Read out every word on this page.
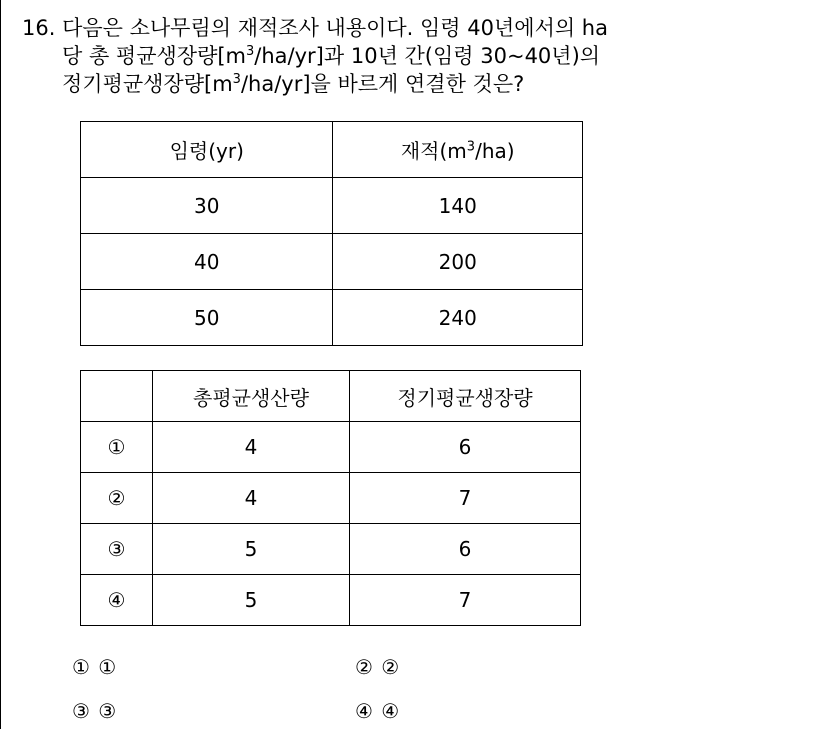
16. 다음은 소나무림의 재적조사 내용이다. 임령 40년에서의 ha
당 총 평균생장량$[m^3/ha/yr]$과 10년 간(임령 30~40년)의
정기평균생장량$[m^3/ha/yr]$을 바르게 연결한 것은?
임령(yr)	재적$(m^3/ha)$
30	140
40	200
50	240
	총평균생산량	정기평균생장량
①	4	6
②	4	7
③	5	6
④	5	7
① ①	② ②
③ ③	④ ④
